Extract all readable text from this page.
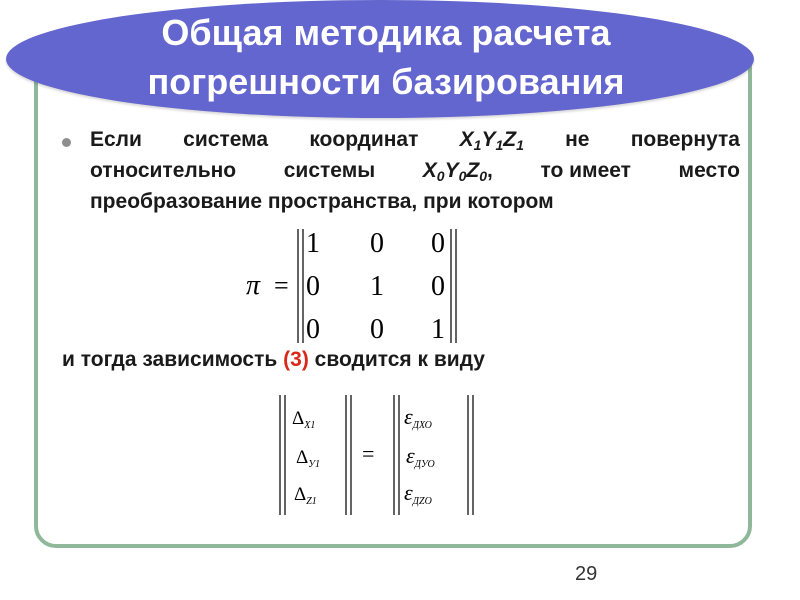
Общая методика расчета
погрешности базирования
Если система координат $X_1Y_1Z_1$ не повернута
относительно системы $X_0Y_0Z_0$, то имеет место
преобразование пространства, при котором
π =
1 0 0
0 1 0
0 0 1
и тогда зависимость (3) сводится к виду
=
$\Delta_{X1}$
$\Delta_{У1}$
$\Delta_{Z1}$
εДХО
εДУО
εДZО
29
